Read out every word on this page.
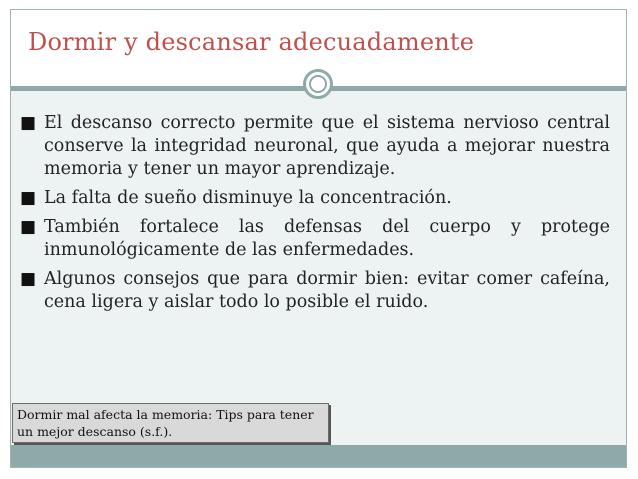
Dormir y descansar adecuadamente
■ El descanso correcto permite que el sistema nervioso central conserve la integridad neuronal, que ayuda a mejorar nuestra memoria y tener un mayor aprendizaje.
■ La falta de sueño disminuye la concentración.
■ También fortalece las defensas del cuerpo y protege inmunológicamente de las enfermedades.
■ Algunos consejos que para dormir bien: evitar comer cafeína, cena ligera y aislar todo lo posible el ruido.
Dormir mal afecta la memoria: Tips para tener un mejor descanso (s.f.).
